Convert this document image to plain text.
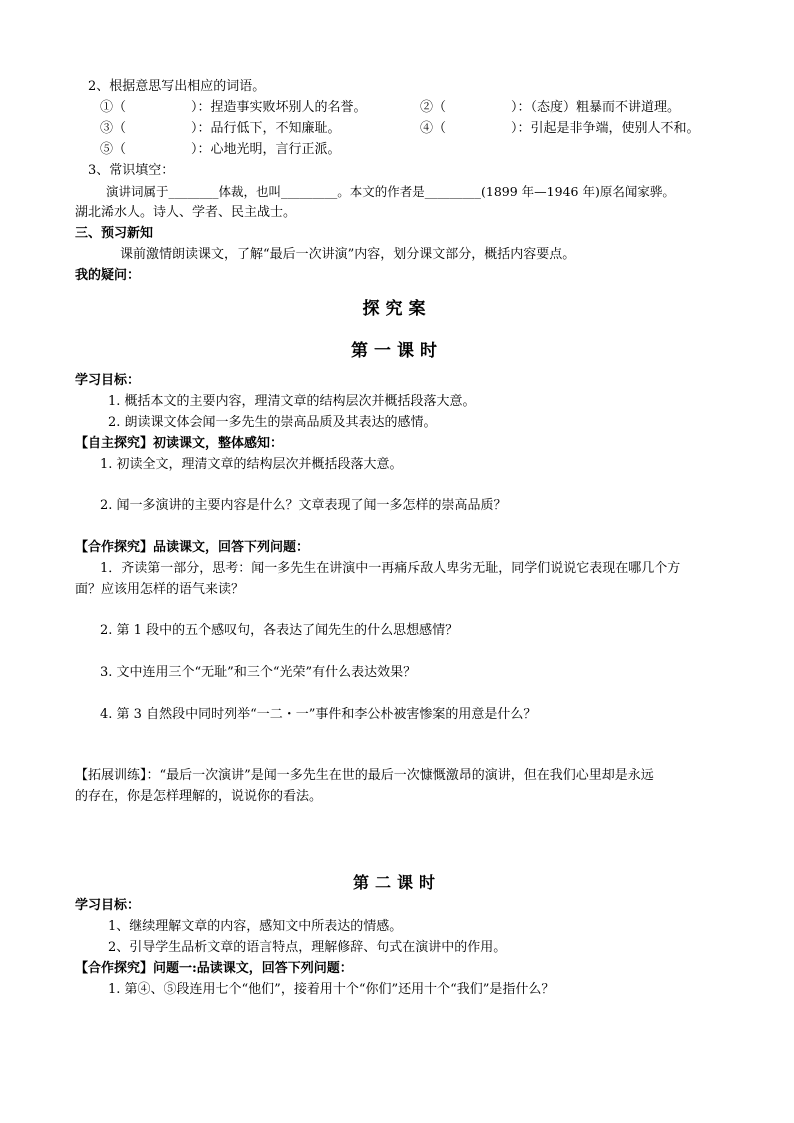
2、根据意思写出相应的词语。
①（　　　　　）：捏造事实败坏别人的名誉。	②（　　　　　）：（态度）粗暴而不讲道理。
③（　　　　　）：品行低下，不知廉耻。	④（　　　　　）：引起是非争端，使别人不和。
⑤（　　　　　）：心地光明，言行正派。
3、常识填空：
演讲词属于________体裁，也叫_________。本文的作者是_________(1899 年—1946 年)原名闻家骅。
湖北浠水人。诗人、学者、民主战士。
三、预习新知
课前激情朗读课文，了解“最后一次讲演”内容，划分课文部分，概括内容要点。
我的疑问：
探究案
第一课时
学习目标：
1. 概括本文的主要内容，理清文章的结构层次并概括段落大意。
2. 朗读课文体会闻一多先生的崇高品质及其表达的感情。
【自主探究】初读课文，整体感知：
1. 初读全文，理清文章的结构层次并概括段落大意。
2. 闻一多演讲的主要内容是什么？文章表现了闻一多怎样的崇高品质？
【合作探究】品读课文，回答下列问题：
1．齐读第一部分，思考：闻一多先生在讲演中一再痛斥敌人卑劣无耻，同学们说说它表现在哪几个方
面？应该用怎样的语气来读？
2. 第 1 段中的五个感叹句，各表达了闻先生的什么思想感情？
3. 文中连用三个“无耻”和三个“光荣”有什么表达效果？
4. 第 3 自然段中同时列举“一二・一”事件和李公朴被害惨案的用意是什么？
【拓展训练】：“最后一次演讲”是闻一多先生在世的最后一次慷慨激昂的演讲，但在我们心里却是永远
的存在，你是怎样理解的，说说你的看法。
第二课时
学习目标：
1、继续理解文章的内容，感知文中所表达的情感。
2、引导学生品析文章的语言特点，理解修辞、句式在演讲中的作用。
【合作探究】问题一:品读课文，回答下列问题：
1. 第④、⑤段连用七个“他们”，接着用十个“你们”还用十个“我们”是指什么？
